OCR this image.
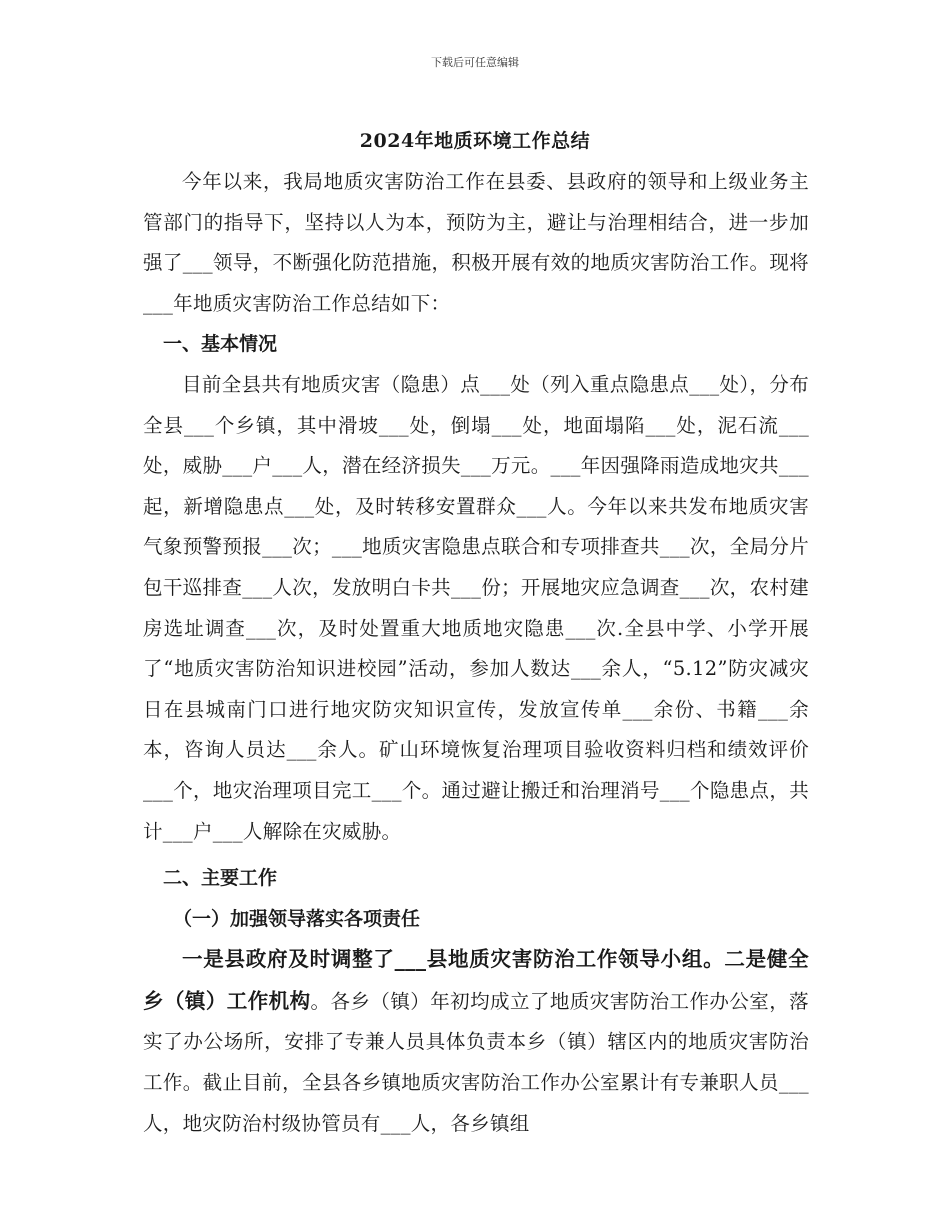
下载后可任意编辑
2024年地质环境工作总结

今年以来，我局地质灾害防治工作在县委、县政府的领导和上级业务主管部门的指导下，坚持以人为本，预防为主，避让与治理相结合，进一步加强了___领导，不断强化防范措施，积极开展有效的地质灾害防治工作。现将___年地质灾害防治工作总结如下：

一、基本情况

目前全县共有地质灾害（隐患）点___处（列入重点隐患点___处），分布全县___个乡镇，其中滑坡___处，倒塌___处，地面塌陷___处，泥石流___处，威胁___户___人，潜在经济损失___万元。___年因强降雨造成地灾共___起，新增隐患点___处，及时转移安置群众___人。今年以来共发布地质灾害气象预警预报___次；___地质灾害隐患点联合和专项排查共___次，全局分片包干巡排查___人次，发放明白卡共___份；开展地灾应急调查___次，农村建房选址调查___次，及时处置重大地质地灾隐患___次.全县中学、小学开展了“地质灾害防治知识进校园”活动，参加人数达___余人，“5.12”防灾减灾日在县城南门口进行地灾防灾知识宣传，发放宣传单___余份、书籍___余本，咨询人员达___余人。矿山环境恢复治理项目验收资料归档和绩效评价___个，地灾治理项目完工___个。通过避让搬迁和治理消号___个隐患点，共计___户___人解除在灾威胁。

二、主要工作

（一）加强领导落实各项责任

一是县政府及时调整了___县地质灾害防治工作领导小组。二是健全乡（镇）工作机构。各乡（镇）年初均成立了地质灾害防治工作办公室，落实了办公场所，安排了专兼人员具体负责本乡（镇）辖区内的地质灾害防治工作。截止目前，全县各乡镇地质灾害防治工作办公室累计有专兼职人员___人，地灾防治村级协管员有___人，各乡镇组
